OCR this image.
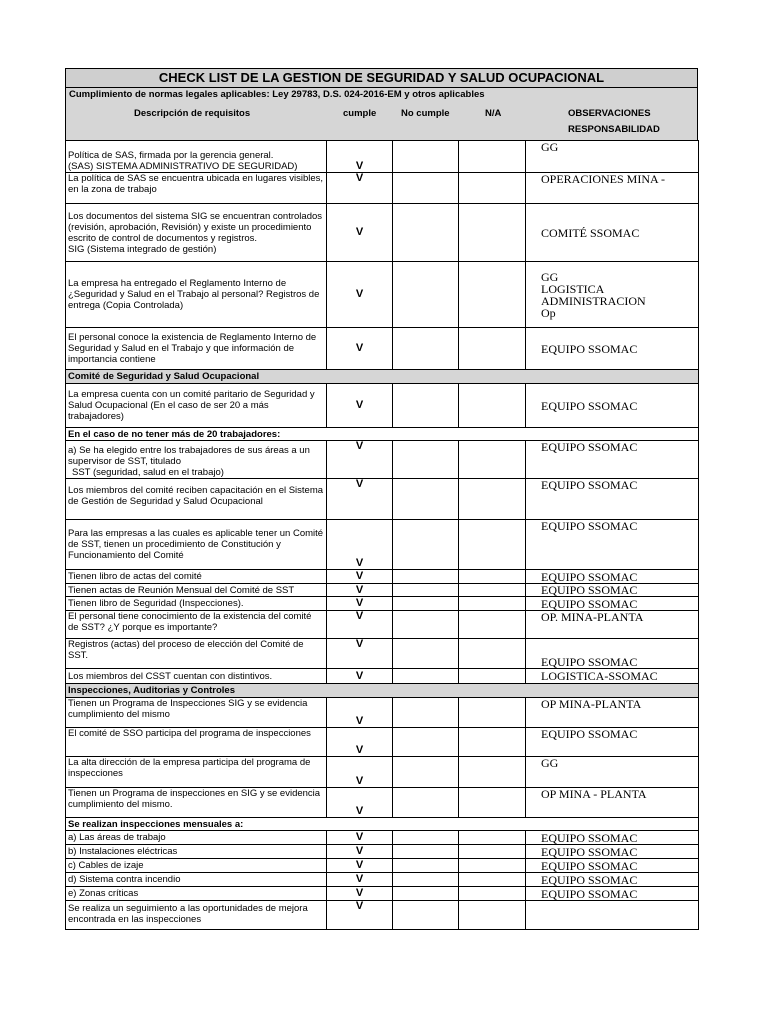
CHECK LIST DE LA GESTION DE SEGURIDAD Y SALUD OCUPACIONAL
Cumplimiento de normas legales aplicables: Ley 29783, D.S. 024-2016-EM y otros aplicables
Descripción de requisitos	cumple	No cumple	N/A	OBSERVACIONES
RESPONSABILIDAD
Política de SAS, firmada por la gerencia general.
(SAS) SISTEMA ADMINISTRATIVO DE SEGURIDAD)	V			GG
La política de SAS se encuentra ubicada en lugares visibles, en la zona de trabajo	V			OPERACIONES MINA -

Los documentos del sistema SIG se encuentran controlados (revisión, aprobación, Revisión) y existe un procedimiento escrito de control de documentos y registros.
SIG (Sistema integrado de gestión)	V			COMITÉ SSOMAC
La empresa ha entregado el Reglamento Interno de ¿Seguridad y Salud en el Trabajo al personal? Registros de entrega (Copia Controlada)	V			GG
LOGISTICA
ADMINISTRACION
Op

El personal conoce la existencia de Reglamento Interno de Seguridad y Salud en el Trabajo y que información de importancia contiene	V			EQUIPO SSOMAC
Comité de Seguridad y Salud Ocupacional				
La empresa cuenta con un comité paritario de Seguridad y Salud Ocupacional (En el caso de ser 20 a más trabajadores)	V			EQUIPO SSOMAC
En el caso de no tener más de 20 trabajadores:				

a) Se ha elegido entre los trabajadores de sus áreas a un supervisor de SST, titulado
SST (seguridad, salud en el trabajo)	V			EQUIPO SSOMAC
Los miembros del comité reciben capacitación en el Sistema de Gestión de Seguridad y Salud Ocupacional	V			EQUIPO SSOMAC
Para las empresas a las cuales es aplicable tener un Comité de SST, tienen un procedimiento de Constitución y Funcionamiento del Comité	V			EQUIPO SSOMAC
Tienen libro de actas del comité	V			EQUIPO SSOMAC
Tienen actas de Reunión Mensual del Comité de SST	V			EQUIPO SSOMAC
Tienen libro de Seguridad (Inspecciones).	V			EQUIPO SSOMAC
El personal tiene conocimiento de la existencia del comité de SST? ¿Y porque es importante?	V			OP. MINA-PLANTA
Registros (actas) del proceso de elección del Comité de SST.	V			EQUIPO SSOMAC
Los miembros del CSST cuentan con distintivos.	V			LOGISTICA-SSOMAC
Inspecciones, Auditorias y Controles				
Tienen un Programa de Inspecciones SIG y se evidencia cumplimiento del mismo	V			OP MINA-PLANTA
El comité de SSO participa del programa de inspecciones	V			EQUIPO SSOMAC
La alta dirección de la empresa participa del programa de inspecciones	V			GG
Tienen un Programa de inspecciones en SIG y se evidencia cumplimiento del mismo.	V			OP MINA - PLANTA
Se realizan inspecciones mensuales a:				
a) Las áreas de trabajo	V			EQUIPO SSOMAC
b) Instalaciones eléctricas	V			EQUIPO SSOMAC
c) Cables de izaje	V			EQUIPO SSOMAC
d) Sistema contra incendio	V			EQUIPO SSOMAC
e) Zonas críticas	V			EQUIPO SSOMAC
Se realiza un seguimiento a las oportunidades de mejora encontrada en las inspecciones	V			
